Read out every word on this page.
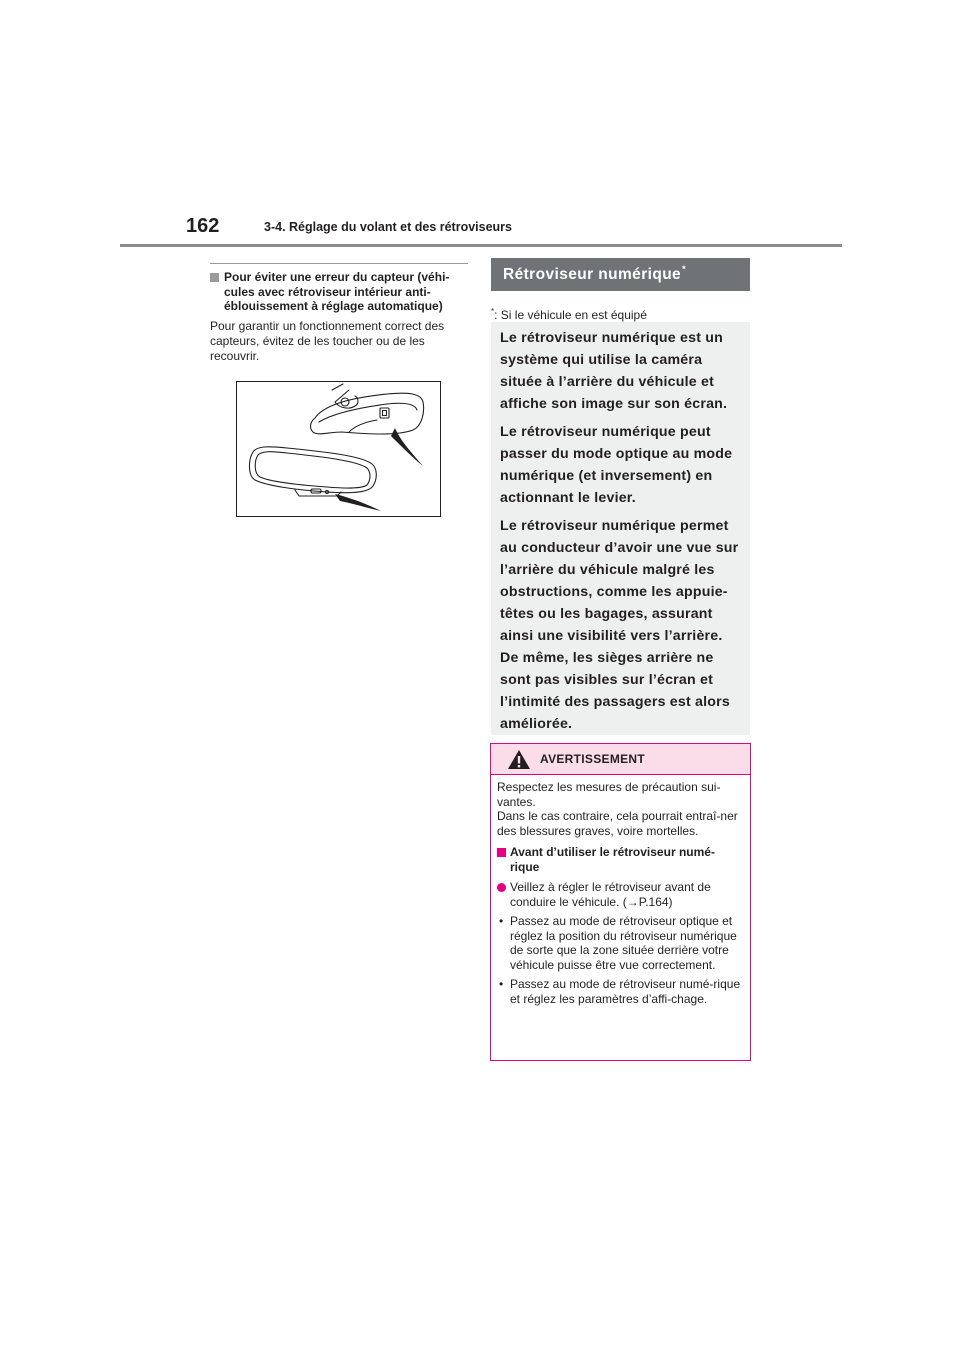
162	3-4. Réglage du volant et des rétroviseurs
Pour éviter une erreur du capteur (véhi-cules avec rétroviseur intérieur anti-éblouissement à réglage automatique)
Pour garantir un fonctionnement correct des capteurs, évitez de les toucher ou de les recouvrir.
Rétroviseur numérique*
*: Si le véhicule en est équipé

Le rétroviseur numérique est un système qui utilise la caméra située à l’arrière du véhicule et affiche son image sur son écran.

Le rétroviseur numérique peut passer du mode optique au mode numérique (et inversement) en actionnant le levier.

Le rétroviseur numérique permet au conducteur d’avoir une vue sur l’arrière du véhicule malgré les obstructions, comme les appuie-têtes ou les bagages, assurant ainsi une visibilité vers l’arrière. De même, les sièges arrière ne sont pas visibles sur l’écran et l’intimité des passagers est alors améliorée.

AVERTISSEMENT
Respectez les mesures de précaution sui-vantes.
Dans le cas contraire, cela pourrait entraî-ner des blessures graves, voire mortelles.
Avant d’utiliser le rétroviseur numé-rique
Veillez à régler le rétroviseur avant de conduire le véhicule. (→P.164)
• Passez au mode de rétroviseur optique et réglez la position du rétroviseur numérique de sorte que la zone située derrière votre véhicule puisse être vue correctement.
• Passez au mode de rétroviseur numé-rique et réglez les paramètres d’affi-chage.
